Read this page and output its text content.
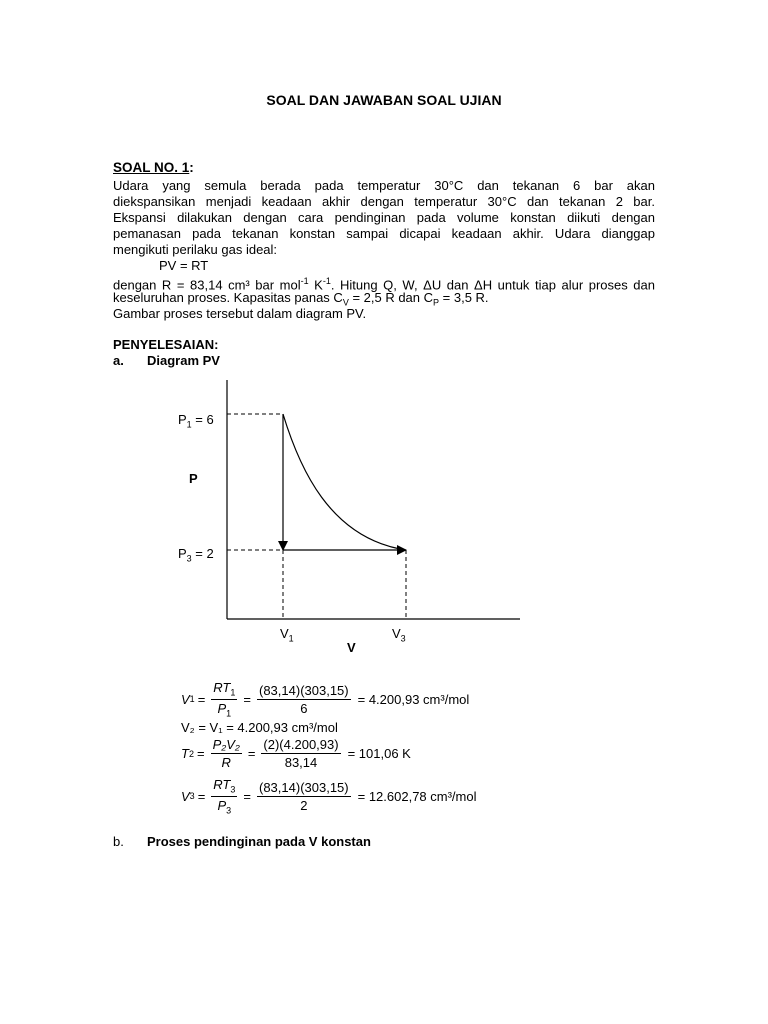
SOAL DAN JAWABAN SOAL UJIAN
SOAL NO. 1:
Udara yang semula berada pada temperatur 30°C dan tekanan 6 bar akan
diekspansikan menjadi keadaan akhir dengan temperatur 30°C dan tekanan 2 bar.
Ekspansi dilakukan dengan cara pendinginan pada volume konstan diikuti dengan
pemanasan pada tekanan konstan sampai dicapai keadaan akhir. Udara dianggap
mengikuti perilaku gas ideal:
PV = RT
dengan R = 83,14 cm³ bar mol$^{-1}$ $K^{-1}$. Hitung Q, W, ΔU dan ΔH untuk tiap alur proses dan
keseluruhan proses. Kapasitas panas $C_V = 2,5$ R dan $C_P = 3,5$ R.
Gambar proses tersebut dalam diagram PV.
PENYELESAIAN:
a. Diagram PV
$P_1 = 6$
P
$P_3 = 2$
$V_1$	$V_3$
V
V $1 = \frac{RT_1}{P_1} = \frac{(83,14)(303,15)}{6} = 4.200,93$ cm³/mol
V₂ = V₁ = 4.200,93 cm³/mol
T $2 = \frac{\text{P₂V₂}}{R} = \frac{(2)(4.200,93)}{83,14} = 101,06$ K
V $3 = \frac{RT_3}{P_3} = \frac{(83,14)(303,15)}{2} = 12.602,78$ cm³/mol
b. Proses pendinginan pada V konstan
